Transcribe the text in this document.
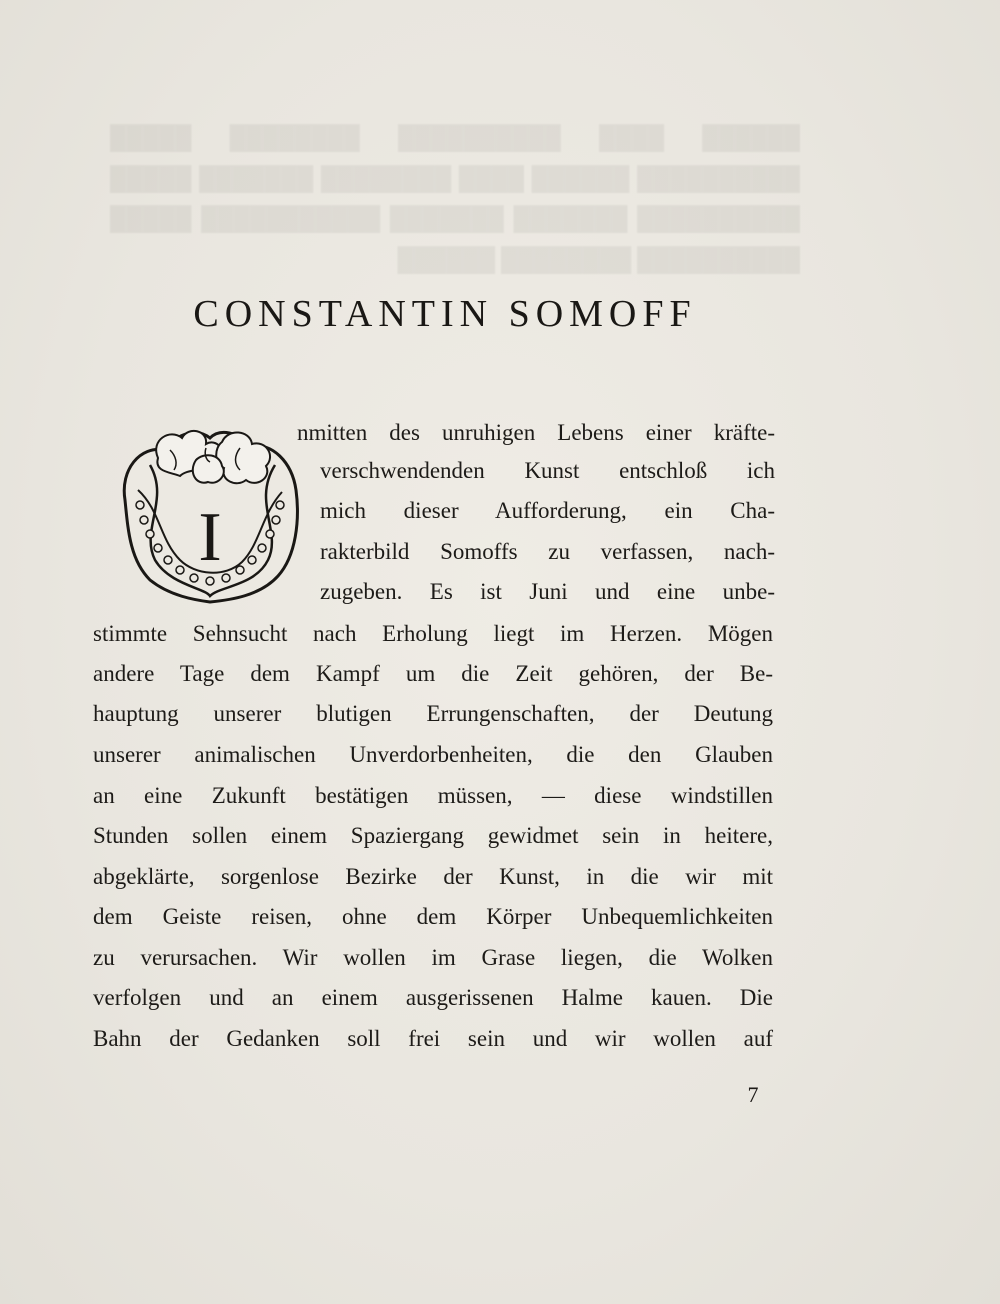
██████ ████ ██████████ ████████ █████ ██████████ ██████ ████ ████████ ███████ █████ ██████████ ███████ ███████ ███████████ █████ ██████████ ████████ ██████
CONSTANTIN SOMOFF
I
nmitten des unruhigen Lebens einer kräfte-
verschwendenden Kunst entschloß ich
mich dieser Aufforderung, ein Cha-
rakterbild Somoffs zu verfassen, nach-
zugeben. Es ist Juni und eine unbe-
stimmte Sehnsucht nach Erholung liegt im Herzen. Mögen
andere Tage dem Kampf um die Zeit gehören, der Be-
hauptung unserer blutigen Errungenschaften, der Deutung
unserer animalischen Unverdorbenheiten, die den Glauben
an eine Zukunft bestätigen müssen, — diese windstillen
Stunden sollen einem Spaziergang gewidmet sein in heitere,
abgeklärte, sorgenlose Bezirke der Kunst, in die wir mit
dem Geiste reisen, ohne dem Körper Unbequemlichkeiten
zu verursachen. Wir wollen im Grase liegen, die Wolken
verfolgen und an einem ausgerissenen Halme kauen. Die
Bahn der Gedanken soll frei sein und wir wollen auf
7
